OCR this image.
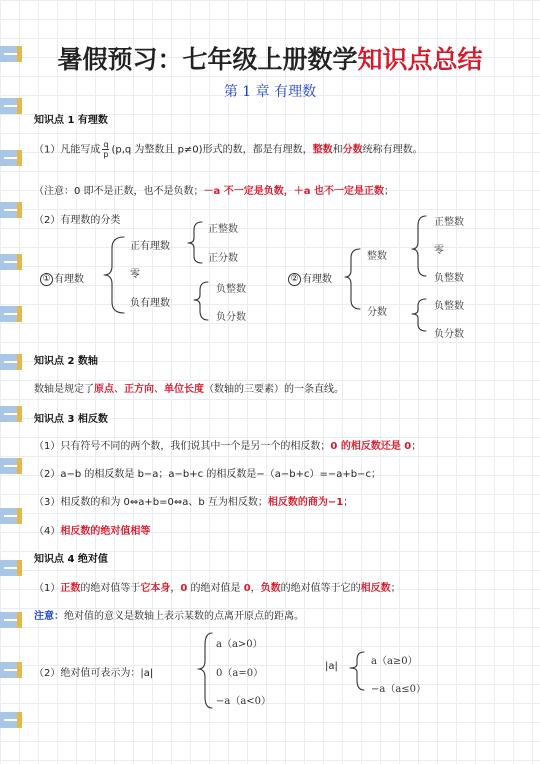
暑假预习：七年级上册数学知识点总结
第 1 章 有理数
知识点 1 有理数
（1）凡能写成 $\frac{q}{p} (p,q$ 为整数且 p≠0)形式的数，都是有理数，整数和分数统称有理数。
（注意：0 即不是正数，也不是负数；－a 不一定是负数，＋a 也不一定是正数；
（2）有理数的分类
① 有理数
正有理数
零
负有理数
正整数
正分数
负整数
负分数
② 有理数
整数
分数
正整数
零
负整数
负整数
负分数
知识点 2 数轴
数轴是规定了原点、正方向、单位长度（数轴的三要素）的一条直线。
知识点 3 相反数
（1）只有符号不同的两个数，我们说其中一个是另一个的相反数；0 的相反数还是 0；
（2）a−b 的相反数是 b−a；a−b+c 的相反数是−（a−b+c）=−a+b−c；
（3）相反数的和为 0⇔a+b=0⇔a、b 互为相反数；相反数的商为−1；
（4）相反数的绝对值相等
知识点 4 绝对值
（1）正数的绝对值等于它本身，0 的绝对值是 0，负数的绝对值等于它的相反数；
注意：绝对值的意义是数轴上表示某数的点离开原点的距离。
（2）绝对值可表示为：|a|
a（a>0）
0（a=0）
−a（a<0）
|a|	a（a≥0）
−a（a≤0）
